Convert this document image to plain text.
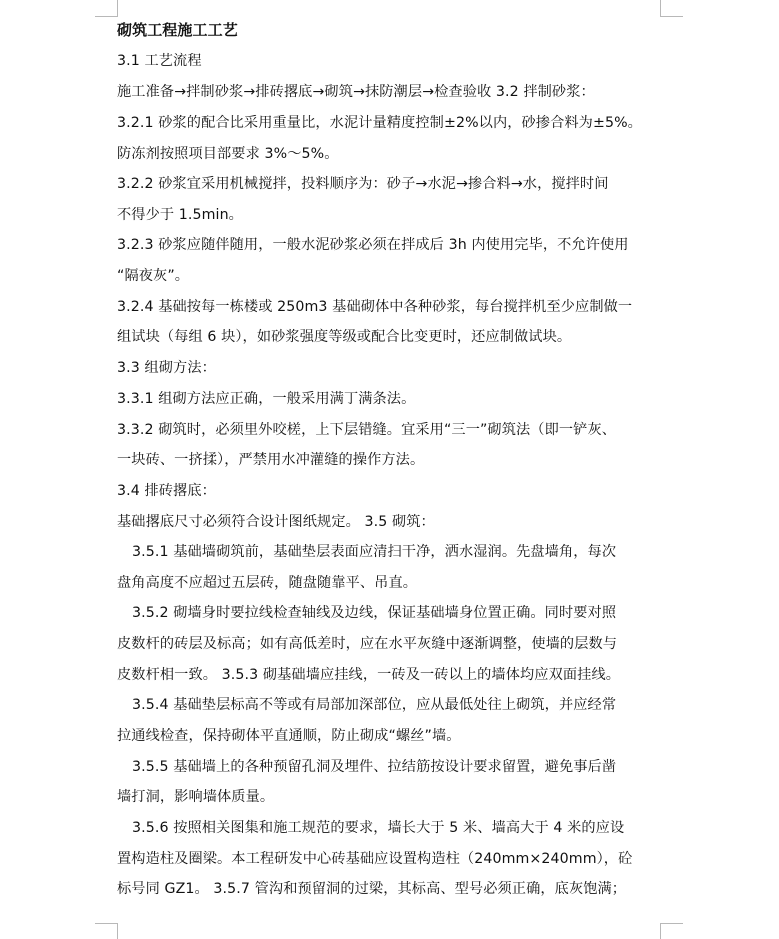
砌筑工程施工工艺
3.1 工艺流程
施工准备→拌制砂浆→排砖撂底→砌筑→抹防潮层→检查验收 3.2 拌制砂浆：
3.2.1 砂浆的配合比采用重量比，水泥计量精度控制±2%以内，砂掺合料为±5%。
防冻剂按照项目部要求 3%～5%。
3.2.2 砂浆宜采用机械搅拌，投料顺序为：砂子→水泥→掺合料→水，搅拌时间
不得少于 1.5min。
3.2.3 砂浆应随伴随用，一般水泥砂浆必须在拌成后 3h 内使用完毕，不允许使用
“隔夜灰”。
3.2.4 基础按每一栋楼或 250m3 基础砌体中各种砂浆，每台搅拌机至少应制做一
组试块（每组 6 块），如砂浆强度等级或配合比变更时，还应制做试块。
3.3 组砌方法：
3.3.1 组砌方法应正确，一般采用满丁满条法。
3.3.2 砌筑时，必须里外咬槎，上下层错缝。宜采用“三一”砌筑法（即一铲灰、
一块砖、一挤揉），严禁用水冲灌缝的操作方法。
3.4 排砖撂底：
基础撂底尺寸必须符合设计图纸规定。 3.5 砌筑：
3.5.1 基础墙砌筑前，基础垫层表面应清扫干净，洒水湿润。先盘墙角，每次
盘角高度不应超过五层砖，随盘随靠平、吊直。
3.5.2 砌墙身时要拉线检查轴线及边线，保证基础墙身位置正确。同时要对照
皮数杆的砖层及标高；如有高低差时，应在水平灰缝中逐渐调整，使墙的层数与
皮数杆相一致。 3.5.3 砌基础墙应挂线，一砖及一砖以上的墙体均应双面挂线。
3.5.4 基础垫层标高不等或有局部加深部位，应从最低处往上砌筑，并应经常
拉通线检查，保持砌体平直通顺，防止砌成“螺丝”墙。
3.5.5 基础墙上的各种预留孔洞及埋件、拉结筋按设计要求留置，避免事后凿
墙打洞，影响墙体质量。
3.5.6 按照相关图集和施工规范的要求，墙长大于 5 米、墙高大于 4 米的应设
置构造柱及圈梁。本工程研发中心砖基础应设置构造柱（240mm×240mm），砼
标号同 GZ1。 3.5.7 管沟和预留洞的过梁，其标高、型号必须正确，底灰饱满；
